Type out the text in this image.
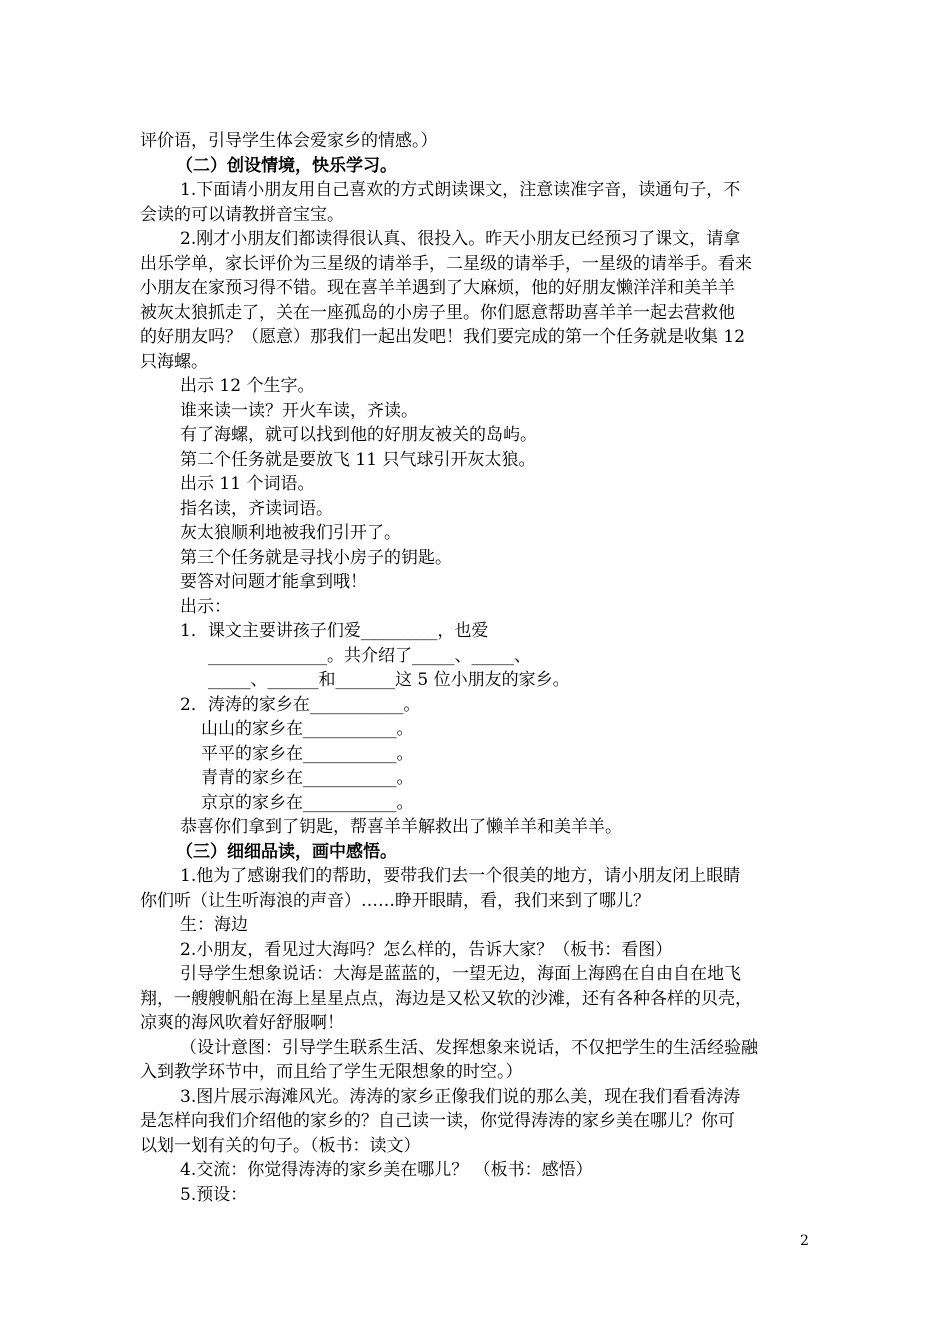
评价语，引导学生体会爱家乡的情感。）
（二）创设情境，快乐学习。
1.下面请小朋友用自己喜欢的方式朗读课文，注意读准字音，读通句子，不
会读的可以请教拼音宝宝。
2.刚才小朋友们都读得很认真、很投入。昨天小朋友已经预习了课文，请拿
出乐学单，家长评价为三星级的请举手，二星级的请举手，一星级的请举手。看来
小朋友在家预习得不错。现在喜羊羊遇到了大麻烦，他的好朋友懒洋洋和美羊羊
被灰太狼抓走了，关在一座孤岛的小房子里。你们愿意帮助喜羊羊一起去营救他
的好朋友吗？（愿意）那我们一起出发吧！我们要完成的第一个任务就是收集 12
只海螺。
出示 12 个生字。
谁来读一读？开火车读，齐读。
有了海螺，就可以找到他的好朋友被关的岛屿。
第二个任务就是要放飞 11 只气球引开灰太狼。
出示 11 个词语。
指名读，齐读词语。
灰太狼顺利地被我们引开了。
第三个任务就是寻找小房子的钥匙。
要答对问题才能拿到哦！
出示：
1．课文主要讲孩子们爱_________，也爱
______________。共介绍了_____、_____、
_____、______和_______这 5 位小朋友的家乡。
2．涛涛的家乡在___________。
山山的家乡在___________。
平平的家乡在___________。
青青的家乡在___________。
京京的家乡在___________。
恭喜你们拿到了钥匙，帮喜羊羊解救出了懒羊羊和美羊羊。
（三）细细品读，画中感悟。
1.他为了感谢我们的帮助，要带我们去一个很美的地方，请小朋友闭上眼睛
你们听（让生听海浪的声音）……睁开眼睛，看，我们来到了哪儿？
生：海边
2.小朋友，看见过大海吗？怎么样的，告诉大家？（板书：看图）
引导学生想象说话：大海是蓝蓝的，一望无边，海面上海鸥在自由自在地飞
翔，一艘艘帆船在海上星星点点，海边是又松又软的沙滩，还有各种各样的贝壳，
凉爽的海风吹着好舒服啊！
（设计意图：引导学生联系生活、发挥想象来说话，不仅把学生的生活经验融
入到教学环节中，而且给了学生无限想象的时空。）
3.图片展示海滩风光。涛涛的家乡正像我们说的那么美，现在我们看看涛涛
是怎样向我们介绍他的家乡的？自己读一读，你觉得涛涛的家乡美在哪儿？你可
以划一划有关的句子。（板书：读文）
4.交流：你觉得涛涛的家乡美在哪儿？ （板书：感悟）
5.预设：
2
